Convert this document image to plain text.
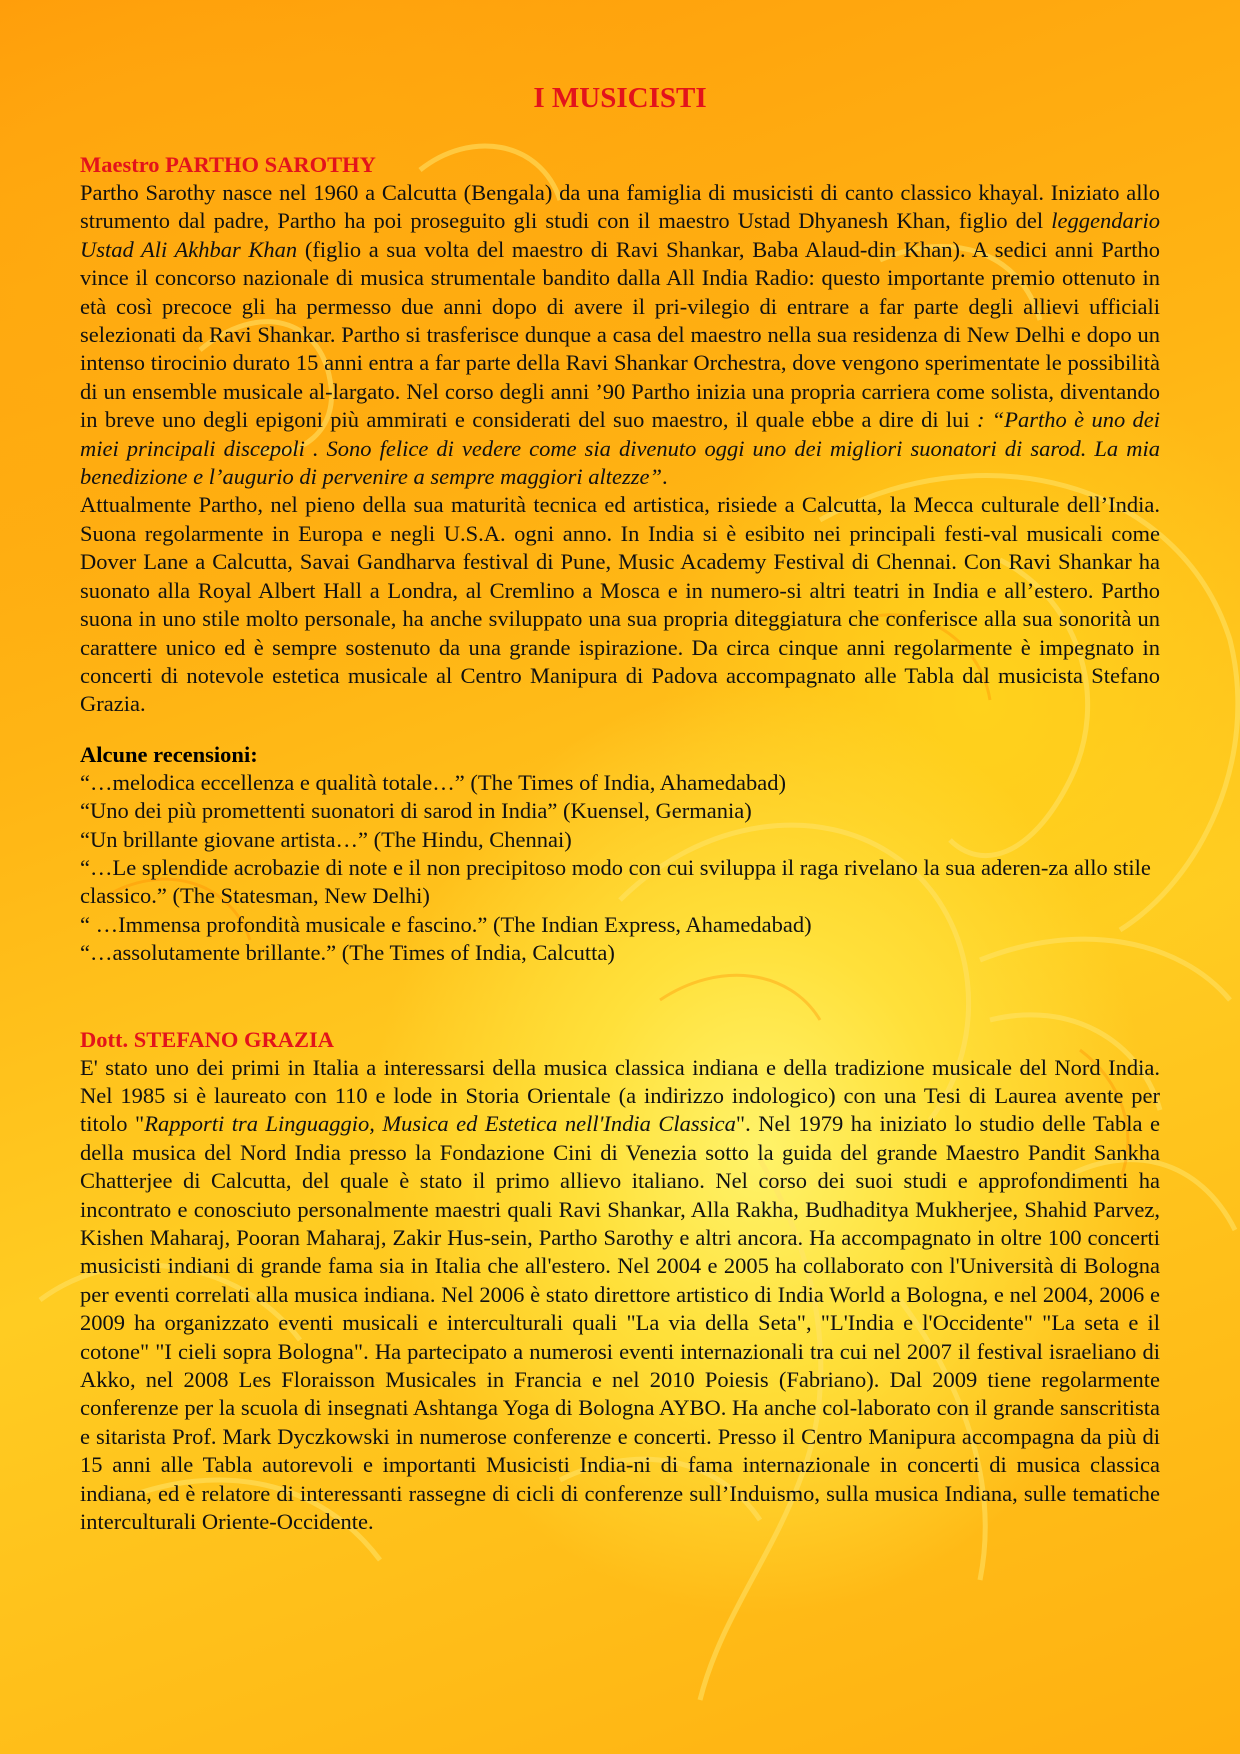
I MUSICISTI

Maestro PARTHO SAROTHY

Partho Sarothy nasce nel 1960 a Calcutta (Bengala) da una famiglia di musicisti di canto classico khayal. Iniziato allo strumento dal padre, Partho ha poi proseguito gli studi con il maestro Ustad Dhyanesh Khan, figlio del leggendario Ustad Ali Akhbar Khan (figlio a sua volta del maestro di Ravi Shankar, Baba Alaud-din Khan). A sedici anni Partho vince il concorso nazionale di musica strumentale bandito dalla All India Radio: questo importante premio ottenuto in età così precoce gli ha permesso due anni dopo di avere il pri-vilegio di entrare a far parte degli allievi ufficiali selezionati da Ravi Shankar. Partho si trasferisce dunque a casa del maestro nella sua residenza di New Delhi e dopo un intenso tirocinio durato 15 anni entra a far parte della Ravi Shankar Orchestra, dove vengono sperimentate le possibilità di un ensemble musicale al-largato. Nel corso degli anni ’90 Partho inizia una propria carriera come solista, diventando in breve uno degli epigoni più ammirati e considerati del suo maestro, il quale ebbe a dire di lui : “Partho è uno dei miei principali discepoli . Sono felice di vedere come sia divenuto oggi uno dei migliori suonatori di sarod. La mia benedizione e l’augurio di pervenire a sempre maggiori altezze”.

Attualmente Partho, nel pieno della sua maturità tecnica ed artistica, risiede a Calcutta, la Mecca culturale dell’India. Suona regolarmente in Europa e negli U.S.A. ogni anno. In India si è esibito nei principali festi-val musicali come Dover Lane a Calcutta, Savai Gandharva festival di Pune, Music Academy Festival di Chennai. Con Ravi Shankar ha suonato alla Royal Albert Hall a Londra, al Cremlino a Mosca e in numero-si altri teatri in India e all’estero. Partho suona in uno stile molto personale, ha anche sviluppato una sua propria diteggiatura che conferisce alla sua sonorità un carattere unico ed è sempre sostenuto da una grande ispirazione. Da circa cinque anni regolarmente è impegnato in concerti di notevole estetica musicale al Centro Manipura di Padova accompagnato alle Tabla dal musicista Stefano Grazia.

Alcune recensioni:

“…melodica eccellenza e qualità totale…” (The Times of India, Ahamedabad)

“Uno dei più promettenti suonatori di sarod in India” (Kuensel, Germania)

“Un brillante giovane artista…” (The Hindu, Chennai)

“…Le splendide acrobazie di note e il non precipitoso modo con cui sviluppa il raga rivelano la sua aderen-za allo stile classico.” (The Statesman, New Delhi)

“ …Immensa profondità musicale e fascino.” (The Indian Express, Ahamedabad)

“…assolutamente brillante.” (The Times of India, Calcutta)

Dott. STEFANO GRAZIA

E' stato uno dei primi in Italia a interessarsi della musica classica indiana e della tradizione musicale del Nord India. Nel 1985 si è laureato con 110 e lode in Storia Orientale (a indirizzo indologico) con una Tesi di Laurea avente per titolo "Rapporti tra Linguaggio, Musica ed Estetica nell'India Classica". Nel 1979 ha iniziato lo studio delle Tabla e della musica del Nord India presso la Fondazione Cini di Venezia sotto la guida del grande Maestro Pandit Sankha Chatterjee di Calcutta, del quale è stato il primo allievo italiano. Nel corso dei suoi studi e approfondimenti ha incontrato e conosciuto personalmente maestri quali Ravi Shankar, Alla Rakha, Budhaditya Mukherjee, Shahid Parvez, Kishen Maharaj, Pooran Maharaj, Zakir Hus-sein, Partho Sarothy e altri ancora. Ha accompagnato in oltre 100 concerti musicisti indiani di grande fama sia in Italia che all'estero. Nel 2004 e 2005 ha collaborato con l'Università di Bologna per eventi correlati alla musica indiana. Nel 2006 è stato direttore artistico di India World a Bologna, e nel 2004, 2006 e 2009 ha organizzato eventi musicali e interculturali quali "La via della Seta", "L'India e l'Occidente" "La seta e il cotone" "I cieli sopra Bologna". Ha partecipato a numerosi eventi internazionali tra cui nel 2007 il festival israeliano di Akko, nel 2008 Les Floraisson Musicales in Francia e nel 2010 Poiesis (Fabriano). Dal 2009 tiene regolarmente conferenze per la scuola di insegnati Ashtanga Yoga di Bologna AYBO. Ha anche col-laborato con il grande sanscritista e sitarista Prof. Mark Dyczkowski in numerose conferenze e concerti. Presso il Centro Manipura accompagna da più di 15 anni alle Tabla autorevoli e importanti Musicisti India-ni di fama internazionale in concerti di musica classica indiana, ed è relatore di interessanti rassegne di cicli di conferenze sull’Induismo, sulla musica Indiana, sulle tematiche interculturali Oriente-Occidente.
